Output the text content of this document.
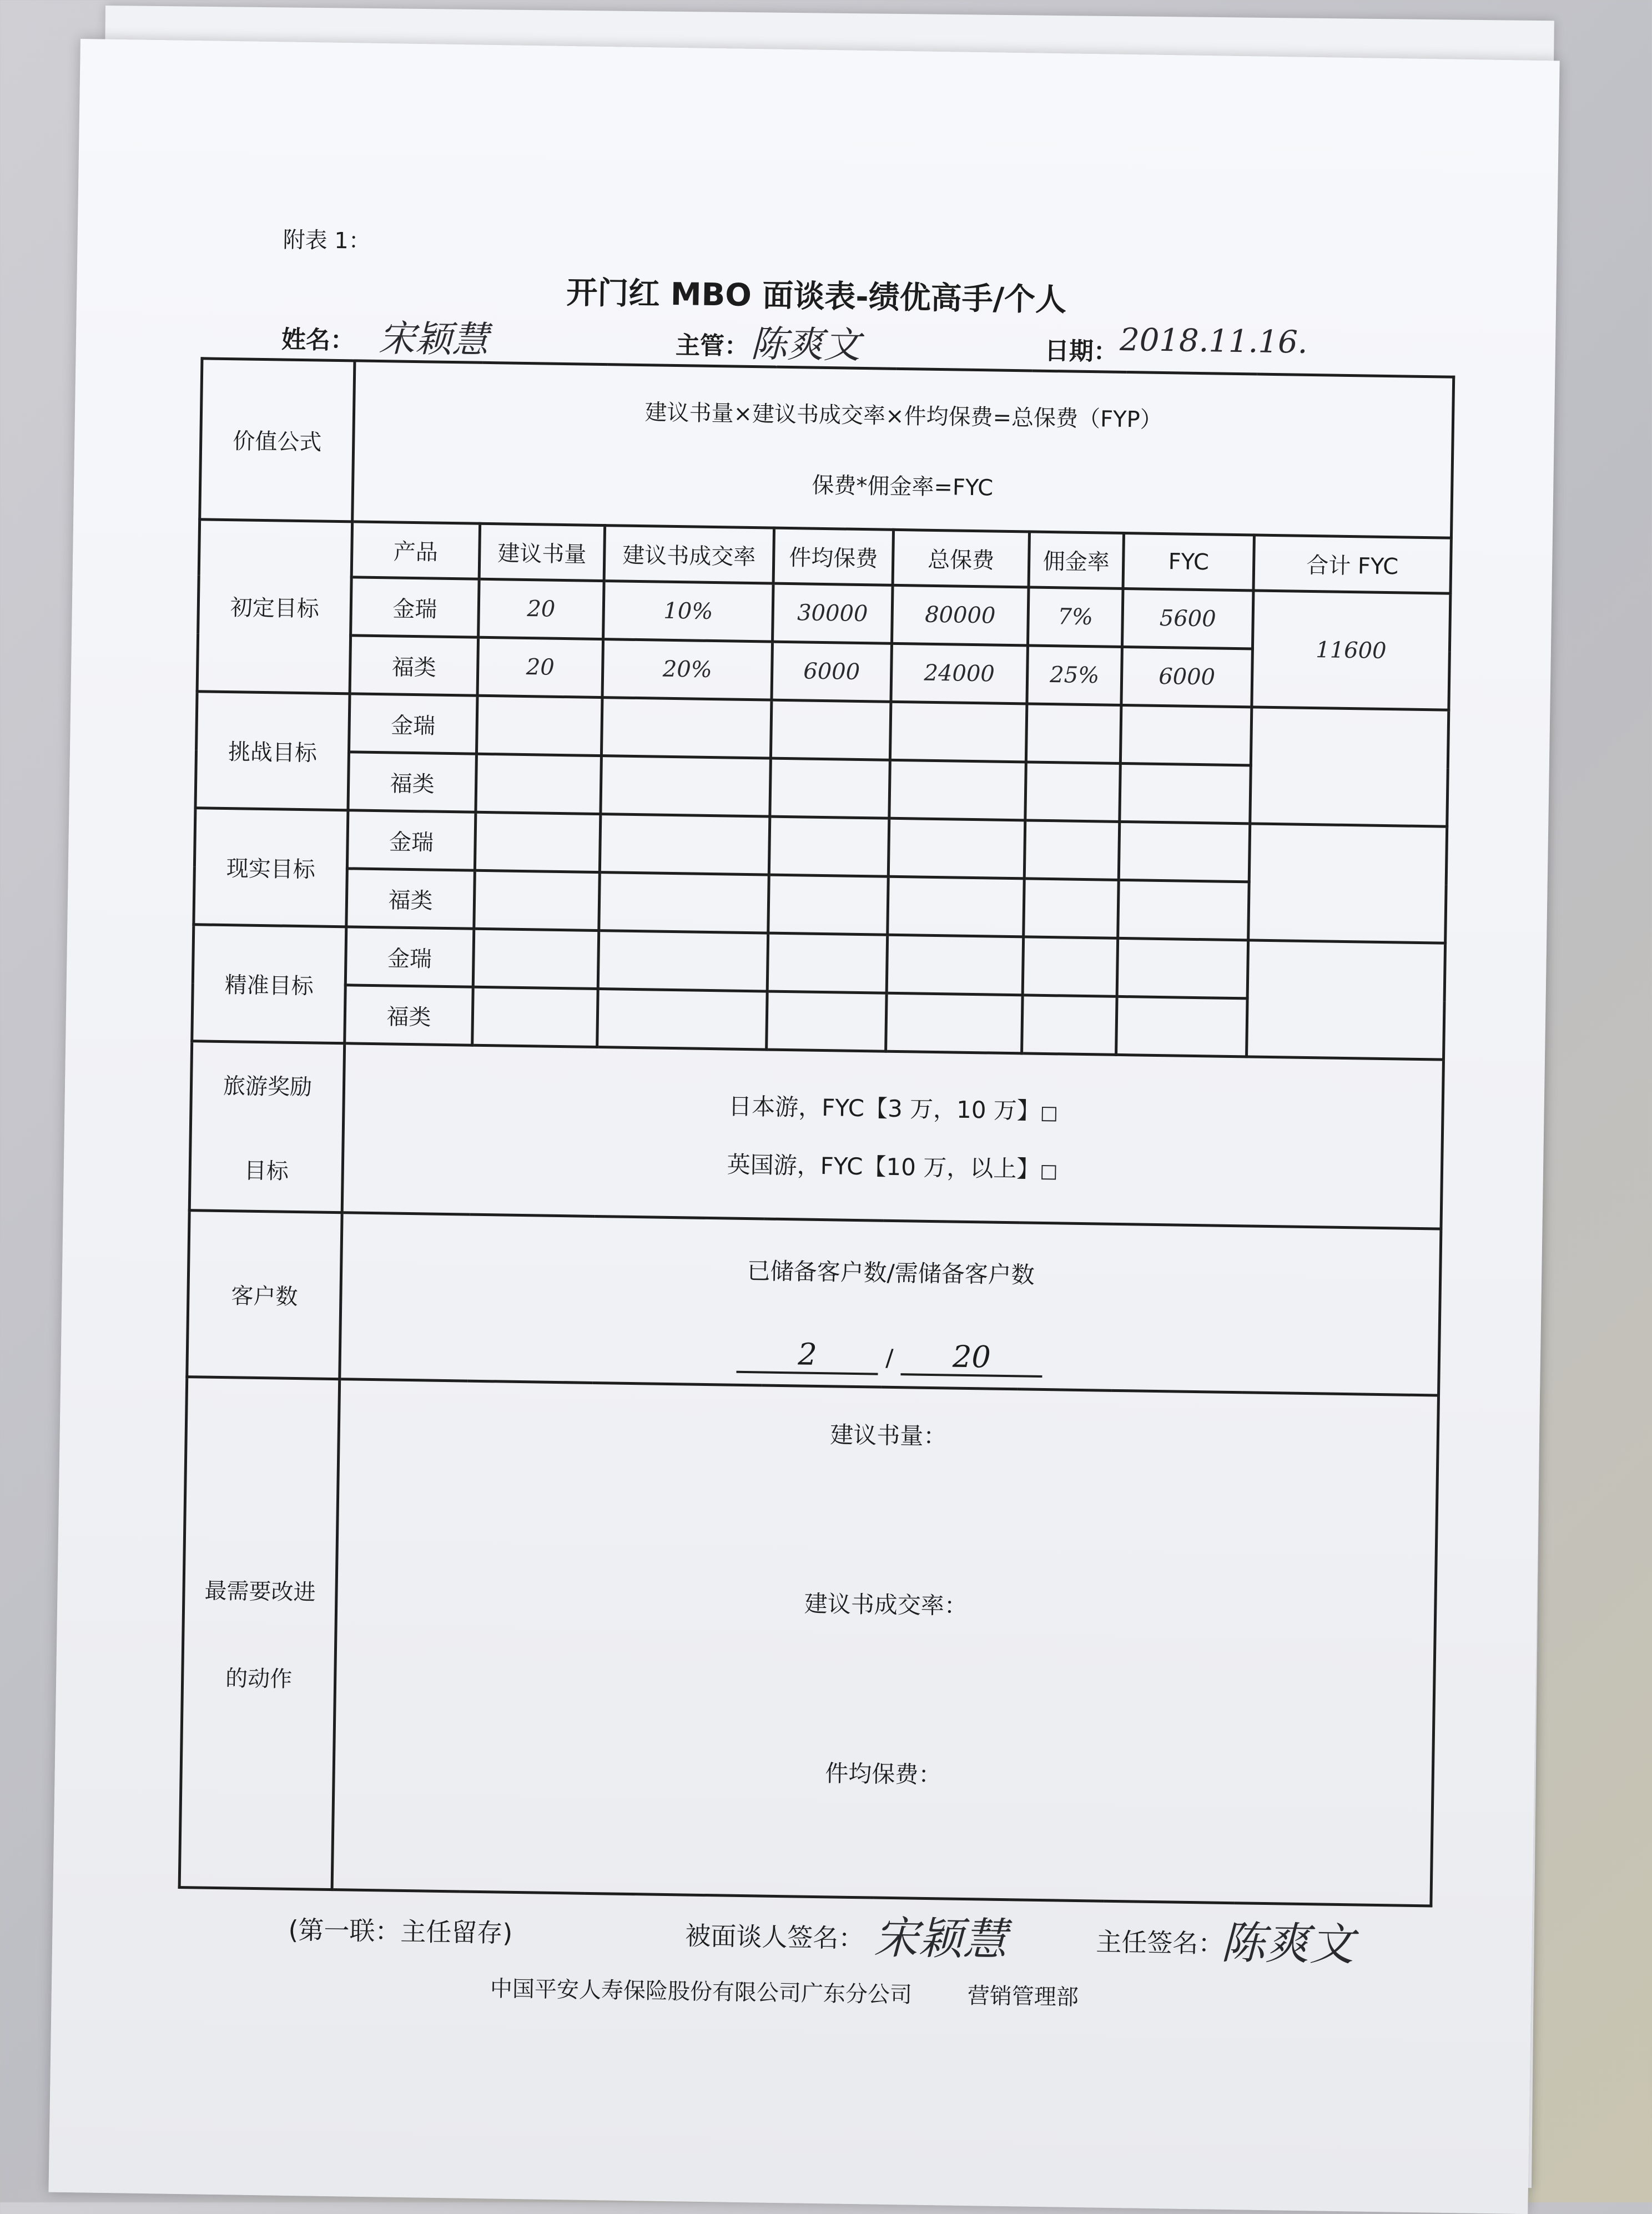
附表 1：
开门红 MBO 面谈表-绩优高手/个人
姓名： 宋颖慧	主管： 陈爽文	日期： 2018.11.16.
价值公式	建议书量×建议书成交率×件均保费=总保费（FYP）
保费*佣金率=FYC							

初定目标	产品	建议书量	建议书成交率	件均保费	总保费	佣金率	FYC	合计 FYC
	金瑞	20	10%	30000	80000	7%	5600	11600
	福类	20	20%	6000	24000	25%	6000	
挑战目标	金瑞							
	福类							
现实目标	金瑞							
	福类							
精准目标	金瑞							
	福类							

旅游奖励
目标	日本游，FYC【3 万，10 万】□
英国游，FYC【10 万，以上】□							

客户数	已储备客户数/需储备客户数
2 / 20							

最需要改进
的动作	建议书量：
建议书成交率：
件均保费：							
(第一联：主任留存)	被面谈人签名： 宋颖慧	主任签名：
陈爽文
中国平安人寿保险股份有限公司广东分公司 营销管理部
